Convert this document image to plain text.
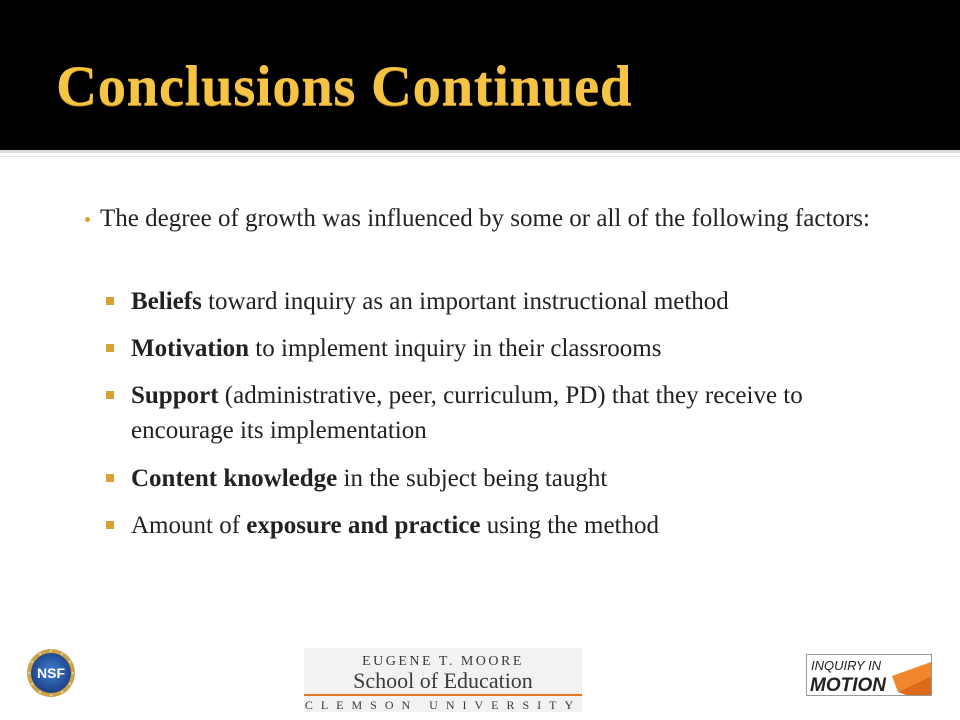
Conclusions Continued

The degree of growth was influenced by some or all of the following factors:

Beliefs toward inquiry as an important instructional method

Motivation to implement inquiry in their classrooms

Support (administrative, peer, curriculum, PD) that they receive to encourage its implementation

Content knowledge in the subject being taught

Amount of exposure and practice using the method

NSF
EUGENE T. MOORE
School of Education
CLEMSON UNIVERSITY
INQUIRY IN
MOTION
